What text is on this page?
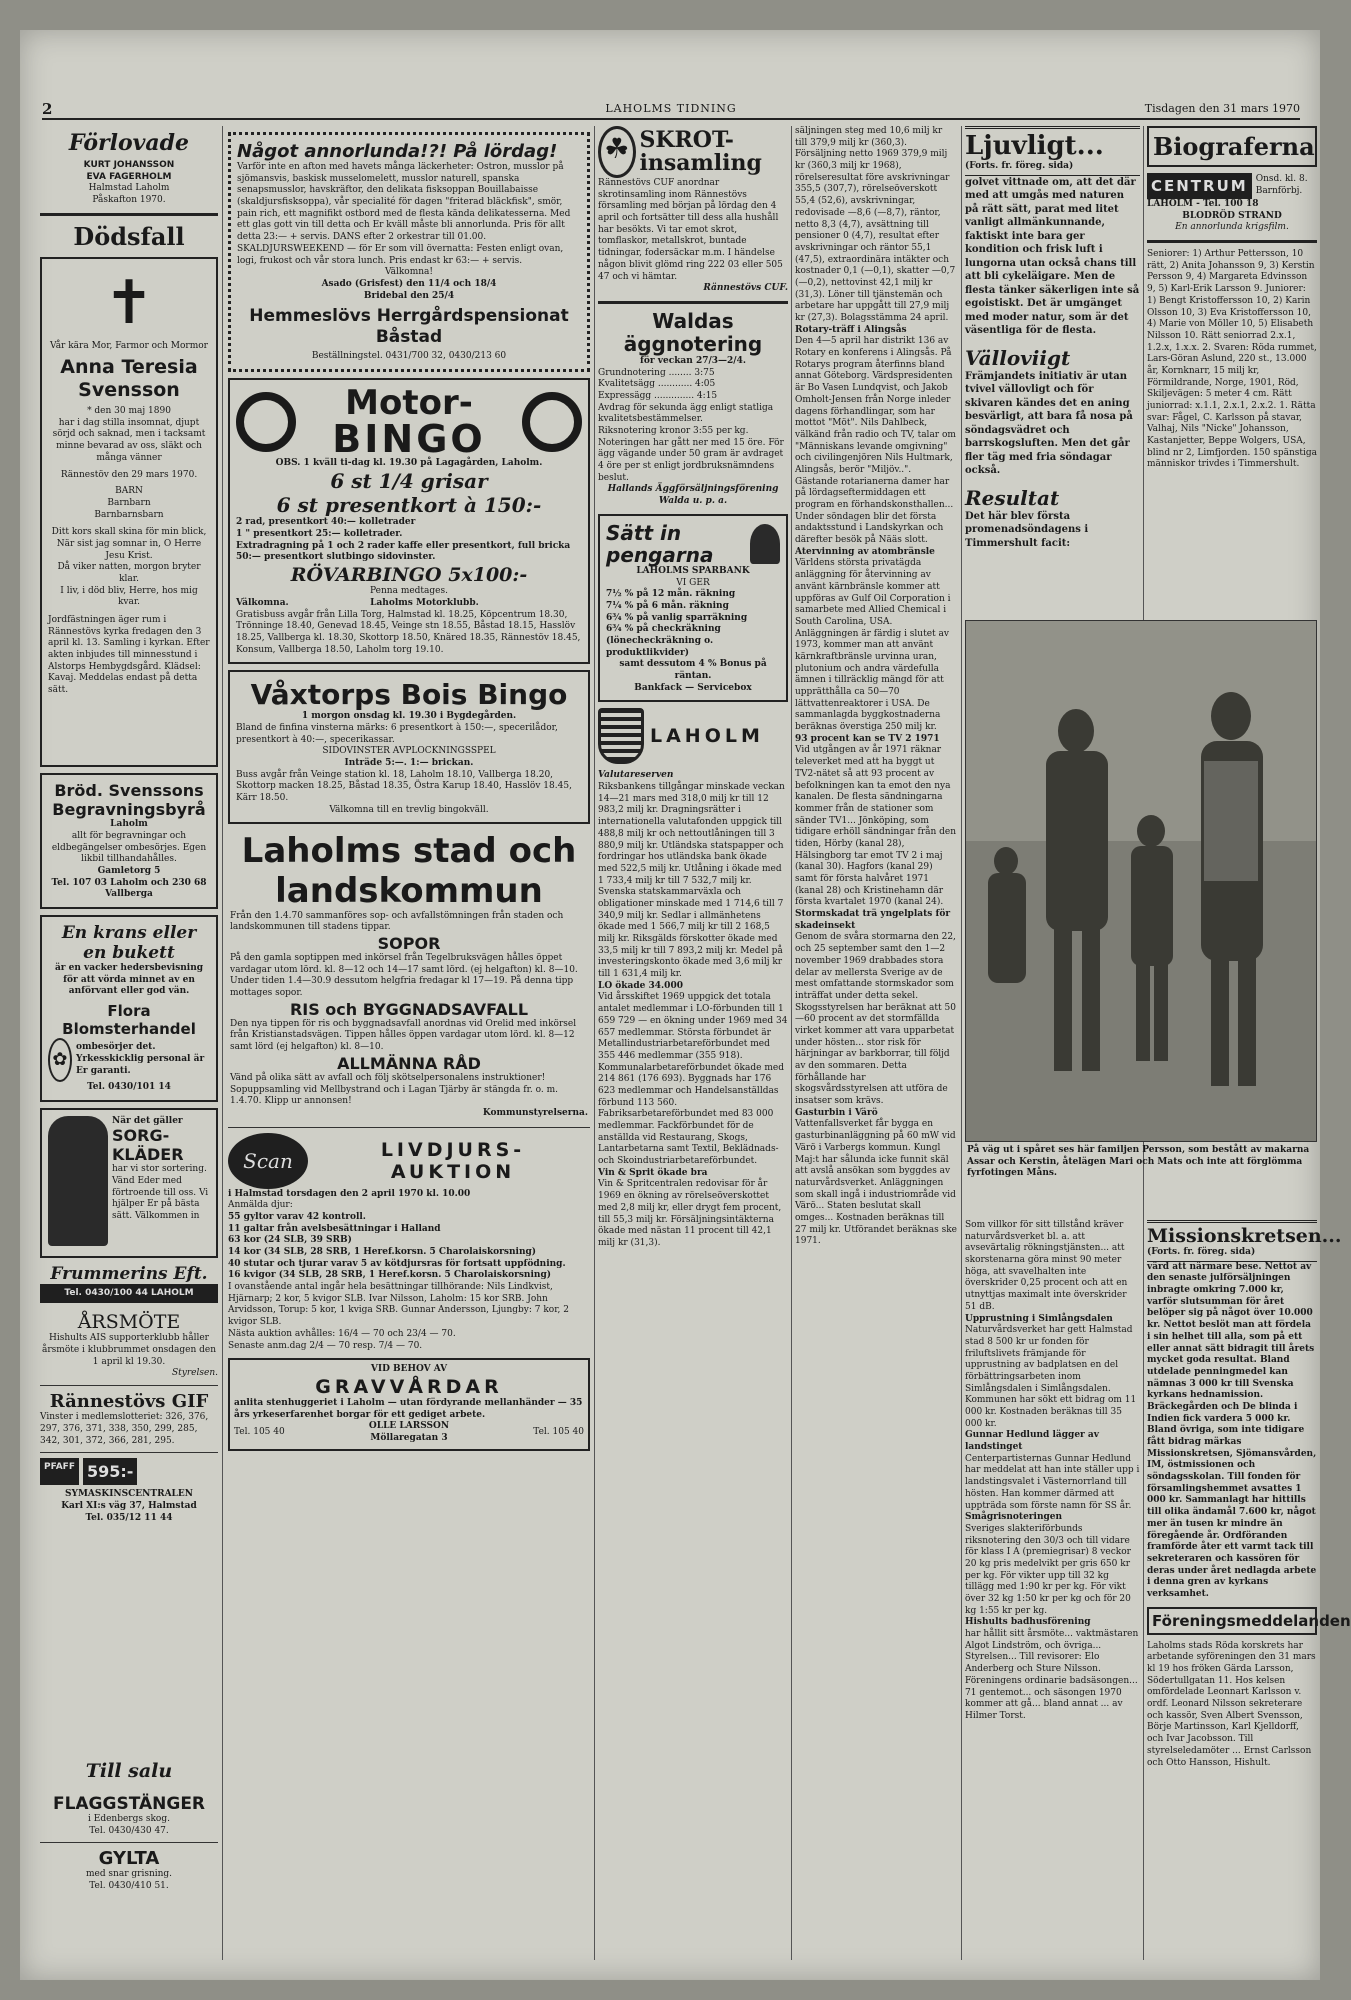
2	LAHOLMS TIDNING	Tisdagen den 31 mars 1970
Förlovade
KURT JOHANSSON
EVA FAGERHOLM
Halmstad Laholm
Påskafton 1970.
Dödsfall
✝
Vår kära Mor, Farmor och Mormor
Anna Teresia Svensson
* den 30 maj 1890
har i dag stilla insomnat, djupt sörjd och saknad, men i tacksamt minne bevarad av oss, släkt och många vänner
Rännestöv den 29 mars 1970.
BARN
Barnbarn
Barnbarnsbarn
Ditt kors skall skina för min blick,
När sist jag somnar in, O Herre Jesu Krist.
Då viker natten, morgon bryter klar.
I liv, i död bliv, Herre, hos mig kvar.
Jordfästningen äger rum i Rännestövs kyrka fredagen den 3 april kl. 13. Samling i kyrkan. Efter akten inbjudes till minnesstund i Alstorps Hembygdsgård. Klädsel: Kavaj. Meddelas endast på detta sätt.
Bröd. Svenssons Begravningsbyrå
Laholm
allt för begravningar och eldbegängelser ombesörjes. Egen likbil tillhandahålles.
Gamletorg 5
Tel. 107 03 Laholm och 230 68 Vallberga
En krans eller en bukett
är en vacker hedersbevisning för att vörda minnet av en anförvant eller god vän.
Flora Blomsterhandel
✿
ombesörjer det. Yrkesskicklig personal är Er garanti.
Tel. 0430/101 14
När det gäller
SORG-KLÄDER
har vi stor sortering. Vänd Eder med förtroende till oss. Vi hjälper Er på bästa sätt. Välkommen in
Frummerins Eft.
Tel. 0430/100 44 LAHOLM
ÅRSMÖTE
Hishults AIS supporterklubb håller årsmöte i klubbrummet onsdagen den 1 april kl 19.30.
Styrelsen.
Rännestövs GIF
Vinster i medlemslotteriet: 326, 376, 297, 376, 371, 338, 350, 299, 285, 342, 301, 372, 366, 281, 295.
PFAFF 595:-
SYMASKINSCENTRALEN
Karl XI:s väg 37, Halmstad
Tel. 035/12 11 44
Till salu
FLAGGSTÄNGER
i Edenbergs skog.
Tel. 0430/430 47.
GYLTA
med snar grisning.
Tel. 0430/410 51.
Något annorlunda!?! På lördag!
Varför inte en afton med havets många läckerheter: Ostron, musslor på sjömansvis, baskisk musselomelett, musslor naturell, spanska senapsmusslor, havskräftor, den delikata fisksoppan Bouillabaisse (skaldjursfisksoppa), vår specialité för dagen "friterad bläckfisk", smör, pain rich, ett magnifikt ostbord med de flesta kända delikatesserna. Med ett glas gott vin till detta och Er kväll måste bli annorlunda. Pris för allt detta 23:— + servis. DANS efter 2 orkestrar till 01.00. SKALDJURSWEEKEND — för Er som vill övernatta: Festen enligt ovan, logi, frukost och vår stora lunch. Pris endast kr 63:— + servis.
Välkomna!
Asado (Grisfest) den 11/4 och 18/4
Bridebal den 25/4
Hemmeslövs Herrgårdspensionat Båstad
Beställningstel. 0431/700 32, 0430/213 60
Motor-
BINGO
OBS. 1 kväll ti-dag kl. 19.30 på Lagagården, Laholm.
6 st 1/4 grisar
6 st presentkort à 150:-
2 rad, presentkort 40:— kolletrader
1 " presentkort 25:— kolletrader.
Extradragning på 1 och 2 rader kaffe eller presentkort, full bricka 50:— presentkort slutbingo sidovinster.
RÖVARBINGO 5x100:-
Penna medtages.
Välkomna.                          Laholms Motorklubb.
Gratisbuss avgår från Lilla Torg, Halmstad kl. 18.25, Köpcentrum 18.30, Trönninge 18.40, Genevad 18.45, Veinge stn 18.55, Båstad 18.15, Hasslöv 18.25, Vallberga kl. 18.30, Skottorp 18.50, Knäred 18.35, Rännestöv 18.45, Konsum, Vallberga 18.50, Laholm torg 19.10.
Våxtorps Bois Bingo
1 morgon onsdag kl. 19.30 i Bygdegården.
Bland de finfina vinsterna märks: 6 presentkort à 150:—, specerilådor, presentkort à 40:—, specerikassar.
SIDOVINSTER AVPLOCKNINGSSPEL
Inträde 5:—. 1:— brickan.
Buss avgår från Veinge station kl. 18, Laholm 18.10, Vallberga 18.20, Skottorp macken 18.25, Båstad 18.35, Östra Karup 18.40, Hasslöv 18.45, Kärr 18.50.
Välkomna till en trevlig bingokväll.
Laholms stad och landskommun
Från den 1.4.70 sammanföres sop- och avfallstömningen från staden och landskommunen till stadens tippar.
SOPOR
På den gamla soptippen med inkörsel från Tegelbruksvägen hålles öppet vardagar utom lörd. kl. 8—12 och 14—17 samt lörd. (ej helgafton) kl. 8—10. Under tiden 1.4—30.9 dessutom helgfria fredagar kl 17—19. På denna tipp mottages sopor.
RIS och BYGGNADSAVFALL
Den nya tippen för ris och byggnadsavfall anordnas vid Orelid med inkörsel från Kristianstadsvägen. Tippen hålles öppen vardagar utom lörd. kl. 8—12 samt lörd (ej helgafton) kl. 8—10.
ALLMÄNNA RÅD
Vänd på olika sätt av avfall och följ skötselpersonalens instruktioner! Sopuppsamling vid Mellbystrand och i Lagan Tjärby är stängda fr. o. m. 1.4.70. Klipp ur annonsen!
Kommunstyrelserna.
Scan	LIVDJURS-
AUKTION
i Halmstad torsdagen den 2 april 1970 kl. 10.00
Anmälda djur:
55 gyltor varav 42 kontroll.
11 galtar från avelsbesättningar i Halland
63 kor (24 SLB, 39 SRB)
14 kor (34 SLB, 28 SRB, 1 Heref.korsn. 5 Charolaiskorsning)
40 stutar och tjurar varav 5 av kötdjursras för fortsatt uppfödning.
16 kvigor (34 SLB, 28 SRB, 1 Heref.korsn. 5 Charolaiskorsning)
I ovanstående antal ingår hela besättningar tillhörande: Nils Lindkvist, Hjärnarp; 2 kor, 5 kvigor SLB. Ivar Nilsson, Laholm: 15 kor SRB. John Arvidsson, Torup: 5 kor, 1 kviga SRB. Gunnar Andersson, Ljungby: 7 kor, 2 kvigor SLB.
Nästa auktion avhålles: 16/4 — 70 och 23/4 — 70.
Senaste anm.dag 2/4 — 70 resp. 7/4 — 70.
VID BEHOV AV
GRAVVÅRDAR
anlita stenhuggeriet i Laholm — utan fördyrande mellanhänder — 35 års yrkeserfarenhet borgar för ett gediget arbete.
Tel. 105 40
OLLE LARSSON
Möllaregatan 3
Tel. 105 40
☘ SKROT-insamling
Rännestövs CUF anordnar skrotinsamling inom Rännestövs församling med början på lördag den 4 april och fortsätter till dess alla hushåll har besökts. Vi tar emot skrot, tomflaskor, metallskrot, buntade tidningar, fodersäckar m.m. I händelse någon blivit glömd ring 222 03 eller 505 47 och vi hämtar.
Rännestövs CUF.
Waldas äggnotering
för veckan 27/3—2/4.
Grundnotering ........ 3:75
Kvalitetsägg ............ 4:05
Expressägg .............. 4:15
Avdrag för sekunda ägg enligt statliga kvalitetsbestämmelser.
Riksnotering kronor 3:55 per kg.
Noteringen har gått ner med 15 öre. För ägg vägande under 50 gram är avdraget 4 öre per st enligt jordbruksnämndens beslut.
Hallands Äggförsäljningsförening
Walda u. p. a.
Sätt in pengarna
LAHOLMS SPARBANK
VI GER
7½ % på 12 mån. räkning
7¼ % på 6 mån. räkning
6¾ % på vanlig sparräkning
6¾ % på checkräkning (lönecheckräkning o. produktlikvider)
samt dessutom 4 % Bonus på räntan.
Bankfack — Servicebox
LAHOLM
Valutareserven
Riksbankens tillgångar minskade veckan 14—21 mars med 318,0 milj kr till 12 983,2 milj kr. Dragningsrätter i internationella valutafonden uppgick till 488,8 milj kr och nettoutlåningen till 3 880,9 milj kr. Utländska statspapper och fordringar hos utländska bank ökade med 522,5 milj kr. Utlåning i ökade med 1 733,4 milj kr till 7 532,7 milj kr. Svenska statskammarväxla och obligationer minskade med 1 714,6 till 7 340,9 milj kr. Sedlar i allmänhetens ökade med 1 566,7 milj kr till 2 168,5 milj kr. Riksgälds förskotter ökade med 33,5 milj kr till 7 893,2 milj kr. Medel på investeringskonto ökade med 3,6 milj kr till 1 631,4 milj kr.
LO ökade 34.000
Vid årsskiftet 1969 uppgick det totala antalet medlemmar i LO-förbunden till 1 659 729 — en ökning under 1969 med 34 657 medlemmar. Största förbundet är Metallindustriarbetareförbundet med 355 446 medlemmar (355 918). Kommunalarbetareförbundet ökade med 214 861 (176 693). Byggnads har 176 623 medlemmar och Handelsanställdas förbund 113 560. Fabriksarbetareförbundet med 83 000 medlemmar. Fackförbundet för de anställda vid Restaurang, Skogs, Lantarbetarna samt Textil, Beklädnads- och Skoindustriarbetareförbundet.
Vin & Sprit ökade bra
Vin & Spritcentralen redovisar för år 1969 en ökning av rörelseöverskottet med 2,8 milj kr, eller drygt fem procent, till 55,3 milj kr. Försäljningsintäkterna ökade med nästan 11 procent till 42,1 milj kr (31,3).
säljningen steg med 10,6 milj kr till 379,9 milj kr (360,3). Försäljning netto 1969 379,9 milj kr (360,3 milj kr 1968), rörelseresultat före avskrivningar 355,5 (307,7), rörelseöverskott 55,4 (52,6), avskrivningar, redovisade —8,6 (—8,7), räntor, netto 8,3 (4,7), avsättning till pensioner 0 (4,7), resultat efter avskrivningar och räntor 55,1 (47,5), extraordinära intäkter och kostnader 0,1 (—0,1), skatter —0,7 (—0,2), nettovinst 42,1 milj kr (31,3). Löner till tjänstemän och arbetare har uppgått till 27,9 milj kr (27,3). Bolagsstämma 24 april.
Rotary-träff i Alingsås
Den 4—5 april har distrikt 136 av Rotary en konferens i Alingsås. På Rotarys program återfinns bland annat Göteborg. Värdspresidenten är Bo Vasen Lundqvist, och Jakob Omholt-Jensen från Norge inleder dagens förhandlingar, som har mottot "Möt". Nils Dahlbeck, välkänd från radio och TV, talar om "Människans levande omgivning" och civilingenjören Nils Hultmark, Alingsås, berör "Miljöv..". Gästande rotarianerna damer har på lördagseftermiddagen ett program en förhandskonsthallen... Under söndagen blir det första andaktsstund i Landskyrkan och därefter besök på Nääs slott.
Atervinning av atombränsle
Världens största privatägda anläggning för återvinning av använt kärnbränsle kommer att uppföras av Gulf Oil Corporation i samarbete med Allied Chemical i South Carolina, USA. Anläggningen är färdig i slutet av 1973, kommer man att använt kärnkraftbränsle urvinna uran, plutonium och andra värdefulla ämnen i tillräcklig mängd för att upprätthålla ca 50—70 lättvattenreaktorer i USA. De sammanlagda byggkostnaderna beräknas överstiga 250 milj kr.
93 procent kan se TV 2 1971
Vid utgången av år 1971 räknar televerket med att ha byggt ut TV2-nätet så att 93 procent av befolkningen kan ta emot den nya kanalen. De flesta sändningarna kommer från de stationer som sänder TV1... Jönköping, som tidigare erhöll sändningar från den tiden, Hörby (kanal 28), Hälsingborg tar emot TV 2 i maj (kanal 30). Hagfors (kanal 29) samt för första halvåret 1971 (kanal 28) och Kristinehamn där första kvartalet 1970 (kanal 24).
Stormskadat trä yngelplats för skadeinsekt
Genom de svåra stormarna den 22, och 25 september samt den 1—2 november 1969 drabbades stora delar av mellersta Sverige av de mest omfattande stormskador som inträffat under detta sekel. Skogsstyrelsen har beräknat att 50—60 procent av det stormfällda virket kommer att vara upparbetat under hösten... stor risk för härjningar av barkborrar, till följd av den sommaren. Detta förhållande har skogsvårdsstyrelsen att utföra de insatser som krävs.
Gasturbin i Värö
Vattenfallsverket får bygga en gasturbinanläggning på 60 mW vid Värö i Varbergs kommun. Kungl Maj:t har sålunda icke funnit skäl att avslå ansökan som byggdes av naturvårdsverket. Anläggningen som skall ingå i industriområde vid Värö... Staten beslutat skall omges... Kostnaden beräknas till 27 milj kr. Utförandet beräknas ske 1971.
Ljuvligt...
(Forts. fr. föreg. sida)
golvet vittnade om, att det där med att umgås med naturen på rätt sätt, parat med litet vanligt allmänkunnande, faktiskt inte bara ger kondition och frisk luft i lungorna utan också chans till att bli cykeläigare. Men de flesta tänker säkerligen inte så egoistiskt. Det är umgänget med moder natur, som är det väsentliga för de flesta.
Välloviigt
Främjandets initiativ är utan tvivel vällovligt och för skivaren kändes det en aning besvärligt, att bara få nosa på söndagsvädret och barrskogsluften. Men det går fler täg med fria söndagar också.
Resultat
Det här blev första promenadsöndagens i Timmershult facit:
På väg ut i spåret ses här familjen Persson, som bestått av makarna Assar och Kerstin, åtelägen Mari och Mats och inte att förglömma fyrfotingen Måns.
Som villkor för sitt tillstånd kräver naturvårdsverket bl. a. att avsevärtalig rökningstjänsten... att skorstenarna göra minst 90 meter höga, att svavelhalten inte överskrider 0,25 procent och att en utnyttjas maximalt inte överskrider 51 dB.
Upprustning i Simlångsdalen
Naturvårdsverket har gett Halmstad stad 8 500 kr ur fonden för friluftslivets främjande för upprustning av badplatsen en del förbättringsarbeten inom Simlångsdalen i Simlångsdalen. Kommunen har sökt ett bidrag om 11 000 kr. Kostnaden beräknas till 35 000 kr.
Gunnar Hedlund lägger av landstinget
Centerpartisternas Gunnar Hedlund har meddelat att han inte ställer upp i landstingsvalet i Västernorrland till hösten. Han kommer därmed att uppträda som förste namn för SS år.
Smågrisnoteringen
Sveriges slakteriförbunds riksnotering den 30/3 och till vidare för klass I A (premiegrisar) 8 veckor 20 kg pris medelvikt per gris 650 kr per kg. För vikter upp till 32 kg tillägg med 1:90 kr per kg. För vikt över 32 kg 1:50 kr per kg och för 20 kg 1:55 kr per kg.
Hishults badhusförening
har hållit sitt årsmöte... vaktmästaren Algot Lindström, och övriga... Styrelsen... Till revisorer: Elo Anderberg och Sture Nilsson. Föreningens ordinarie badsäsongen... 71 gentemot... och säsongen 1970 kommer att gå... bland annat ... av Hilmer Torst.
Biograferna
CENTRUM Onsd. kl. 8. Barnförbj.
LAHOLM - Tel. 100 18
BLODRÖD STRAND
En annorlunda krigsfilm.
Seniorer: 1) Arthur Pettersson, 10 rätt, 2) Anita Johansson 9, 3) Kerstin Persson 9, 4) Margareta Edvinsson 9, 5) Karl-Erik Larsson 9. Juniorer: 1) Bengt Kristoffersson 10, 2) Karin Olsson 10, 3) Eva Kristoffersson 10, 4) Marie von Möller 10, 5) Elisabeth Nilsson 10. Rätt seniorrad 2.x.1, 1.2.x, 1.x.x. 2. Svaren: Röda rummet, Lars-Göran Aslund, 220 st., 13.000 år, Kornknarr, 15 milj kr, Förmildrande, Norge, 1901, Röd, Skiljevägen: 5 meter 4 cm. Rätt juniorrad: x.1.1, 2.x.1, 2.x.2. 1. Rätta svar: Fågel, C. Karlsson på stavar, Valhaj, Nils "Nicke" Johansson, Kastanjetter, Beppe Wolgers, USA, blind nr 2, Limfjorden. 150 spänstiga människor trivdes i Timmershult.
Missionskretsen...
(Forts. fr. föreg. sida)
värd att närmare bese. Nettot av den senaste julförsäljningen inbragte omkring 7.000 kr, varför slutsumman för året belöper sig på något över 10.000 kr. Nettot beslöt man att fördela i sin helhet till alla, som på ett eller annat sätt bidragit till årets mycket goda resultat. Bland utdelade penningmedel kan nämnas 3 000 kr till Svenska kyrkans hednamission. Bräckegården och De blinda i Indien fick vardera 5 000 kr. Bland övriga, som inte tidigare fått bidrag märkas Missionskretsen, Sjömansvården, IM, östmissionen och söndagsskolan. Till fonden för församlingshemmet avsattes 1 000 kr. Sammanlagt har hittills till olika ändamål 7.600 kr, något mer än tusen kr mindre än föregående år. Ordföranden framförde åter ett varmt tack till sekreteraren och kassören för deras under året nedlagda arbete i denna gren av kyrkans verksamhet.
Föreningsmeddelanden
Laholms stads Röda korskrets har arbetande syföreningen den 31 mars kl 19 hos fröken Gärda Larsson, Södertullgatan 11. Hos kelsen omfördelade Leonnart Karlsson v. ordf. Leonard Nilsson sekreterare och kassör, Sven Albert Svensson, Börje Martinsson, Karl Kjelldorff, och Ivar Jacobsson. Till styrelseledamöter ... Ernst Carlsson och Otto Hansson, Hishult.
